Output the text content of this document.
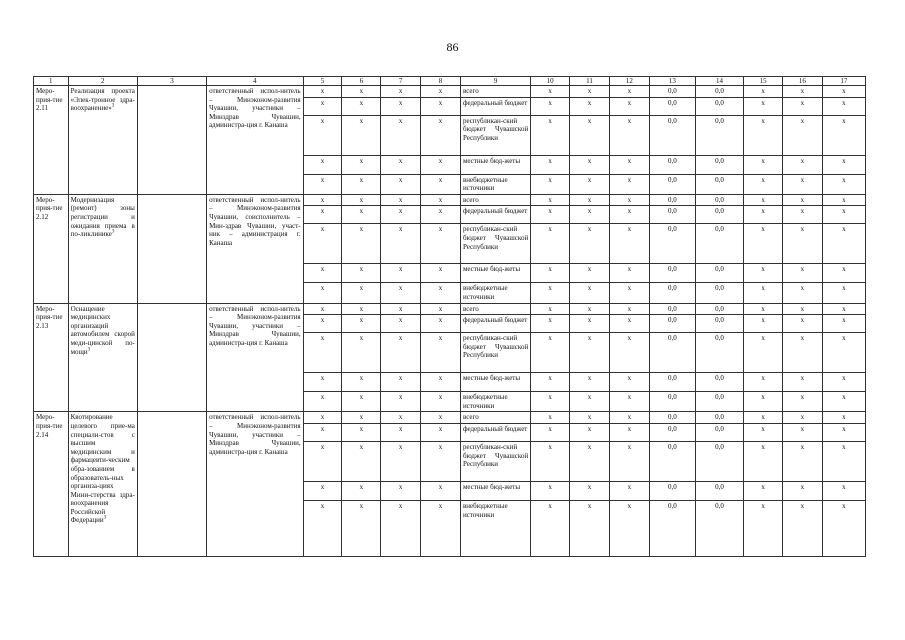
86
1	2	3	4	5	6	7	8	9	10	11	12	13	14	15	16	17
Меро-прия-тие 2.11	Реализация проекта «Элек-тронное здра-воохранение»$^3$		ответственный испол-нитель – Минэконом-развития Чувашии, участники – Минздрав Чувашии, администра-ция г. Канаша	x	x	x	x	всего	x	x	x	0,0	0,0	x	x	x
				x	x	x	x	федеральный бюджет	x	x	x	0,0	0,0	x	x	x
				x	x	x	x	республикан-ский бюджет Чувашской Республики	x	x	x	0,0	0,0	x	x	x
				x	x	x	x	местные бюд-жеты	x	x	x	0,0	0,0	x	x	x
				x	x	x	x	внебюджетные источники	x	x	x	0,0	0,0	x	x	x
Меро-прия-тие 2.12	Модернизация (ремонт) зоны регистрации и ожидания приема в по-ликлинике$^3$		ответственный испол-нитель – Минэконом-развития Чувашии, соисполнитель – Мин-здрав Чувашии, участ-ник – администрация г. Канаша	x	x	x	x	всего	x	x	x	0,0	0,0	x	x	x
				x	x	x	x	федеральный бюджет	x	x	x	0,0	0,0	x	x	x
				x	x	x	x	республикан-ский бюджет Чувашской Республики	x	x	x	0,0	0,0	x	x	x
				x	x	x	x	местные бюд-жеты	x	x	x	0,0	0,0	x	x	x
				x	x	x	x	внебюджетные источники	x	x	x	0,0	0,0	x	x	x
Меро-прия-тие 2.13	Оснащение медицинских организаций автомобилем скорой меди-цинской по-мощи$^3$		ответственный испол-нитель – Минэконом-развития Чувашии, участники – Минздрав Чувашии, администра-ция г. Канаша	x	x	x	x	всего	x	x	x	0,0	0,0	x	x	x
				x	x	x	x	федеральный бюджет	x	x	x	0,0	0,0	x	x	x
				x	x	x	x	республикан-ский бюджет Чувашской Республики	x	x	x	0,0	0,0	x	x	x
				x	x	x	x	местные бюд-жеты	x	x	x	0,0	0,0	x	x	x
				x	x	x	x	внебюджетные источники	x	x	x	0,0	0,0	x	x	x
Меро-прия-тие 2.14	Квотирование целевого прие-ма специали-стов с высшим медицинским и фармацевти-ческим обра-зованием в образователь-ных организа-циях Мини-стерства здра-воохранения Российской Федерации$^3$		ответственный испол-нитель – Минэконом-развития Чувашии, участники – Минздрав Чувашии, администра-ция г. Канаша	x	x	x	x	всего	x	x	x	0,0	0,0	x	x	x
				x	x	x	x	федеральный бюджет	x	x	x	0,0	0,0	x	x	x
				x	x	x	x	республикан-ский бюджет Чувашской Республики	x	x	x	0,0	0,0	x	x	x
				x	x	x	x	местные бюд-жеты	x	x	x	0,0	0,0	x	x	x
				x	x	x	x	внебюджетные источники	x	x	x	0,0	0,0	x	x	x
